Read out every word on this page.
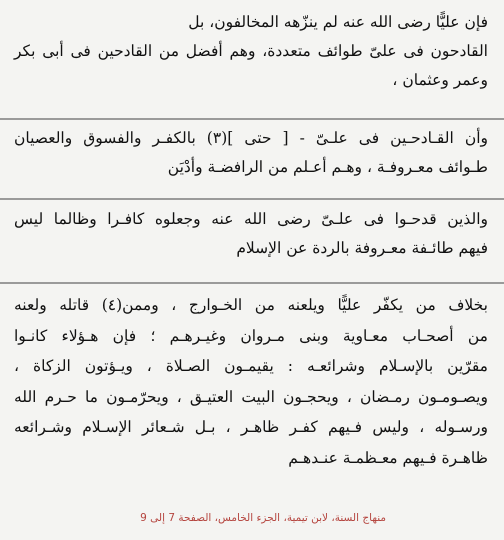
فإن عليًّا رضى الله عنه لم ينزّهه المخالفون، بل
القادحون فى علىّ طوائف متعددة، وهم أفضل من القادحين فى أبى بكر
وعمر وعثمان ،
وأن القـادحـين فى علـىّ - [ حتى ](٣) بالكفـر والفسوق والعصيان
طـوائف معـروفـة ، وهـم أعـلم من الرافضـة وأدْيَن
والذين قدحـوا فى علـىّ رضى الله عنه وجعلوه كافـرا وظالما ليس
فيهم طائـفة معـروفة بالردة عن الإسلام
بخلاف من يكفّر عليًّا ويلعنه من الخـوارج ، وممن(٤) قاتله ولعنه
من أصحـاب معـاوية وبنى مـروان وغيـرهـم ؛ فإن هـؤلاء كانـوا
مقرّين بالإسـلام وشرائعـه : يقيمـون الصـلاة ، ويـؤتون الزكاة ،
ويصـومـون رمـضان ، ويحجـون البيت العتيـق ، ويحرّمـون ما حـرم الله
ورسـوله ، وليس فـيهم كفـر ظاهـر ، بـل شـعائر الإسـلام وشـرائعه
ظاهـرة فـيهم معـظمـة عنـدهـم
منهاج السنة، لابن تيمية، الجزء الخامس، الصفحة 7 إلى 9
